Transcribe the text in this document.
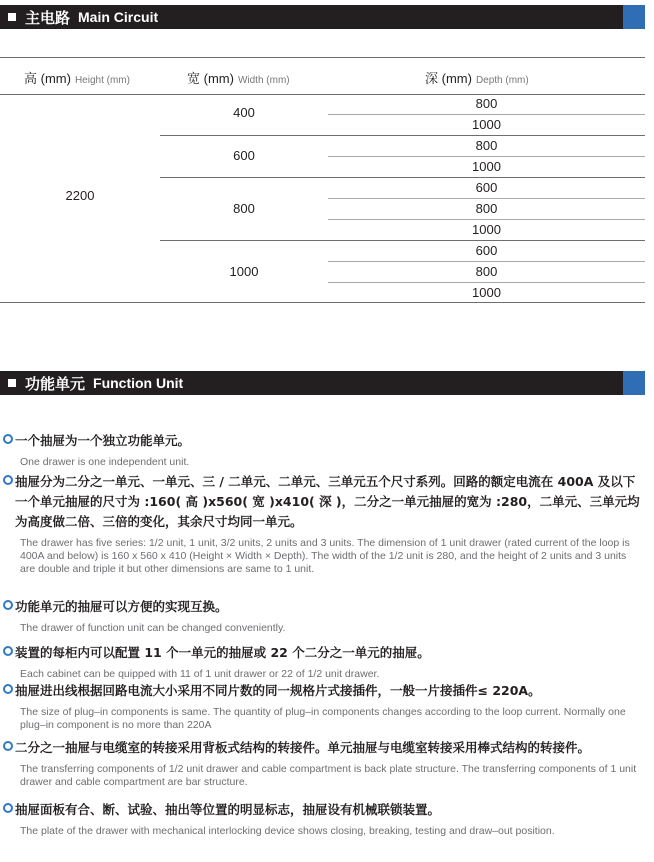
主电路 Main Circuit
高 (mm) Height (mm)	宽 (mm) Width (mm)	深 (mm) Depth (mm)
2200
400
600
800
1000
800
1000
800
1000
600
800
1000
600
800
1000
功能单元 Function Unit
一个抽屉为一个独立功能单元。
One drawer is one independent unit.
抽屉分为二分之一单元、一单元、三 / 二单元、二单元、三单元五个尺寸系列。回路的额定电流在 400A 及以下一个单元抽屉的尺寸为 :160( 高 )x560( 宽 )x410( 深 )，二分之一单元抽屉的宽为 :280，二单元、三单元均为高度做二倍、三倍的变化，其余尺寸均同一单元。
The drawer has five series: 1/2 unit, 1 unit, 3/2 units, 2 units and 3 units. The dimension of 1 unit drawer (rated current of the loop is 400A and below) is 160 x 560 x 410 (Height × Width × Depth). The width of the 1/2 unit is 280, and the height of 2 units and 3 units are double and triple it but other dimensions are same to 1 unit.
功能单元的抽屉可以方便的实现互换。
The drawer of function unit can be changed conveniently.
装置的每柜内可以配置 11 个一单元的抽屉或 22 个二分之一单元的抽屉。
Each cabinet can be quipped with 11 of 1 unit drawer or 22 of 1/2 unit drawer.
抽屉进出线根据回路电流大小采用不同片数的同一规格片式接插件，一般一片接插件≤ 220A。
The size of plug–in components is same. The quantity of plug–in components changes according to the loop current. Normally one plug–in component is no more than 220A
二分之一抽屉与电缆室的转接采用背板式结构的转接件。单元抽屉与电缆室转接采用棒式结构的转接件。
The transferring components of 1/2 unit drawer and cable compartment is back plate structure. The transferring components of 1 unit drawer and cable compartment are bar structure.
抽屉面板有合、断、试验、抽出等位置的明显标志，抽屉设有机械联锁装置。
The plate of the drawer with mechanical interlocking device shows closing, breaking, testing and draw–out position.
